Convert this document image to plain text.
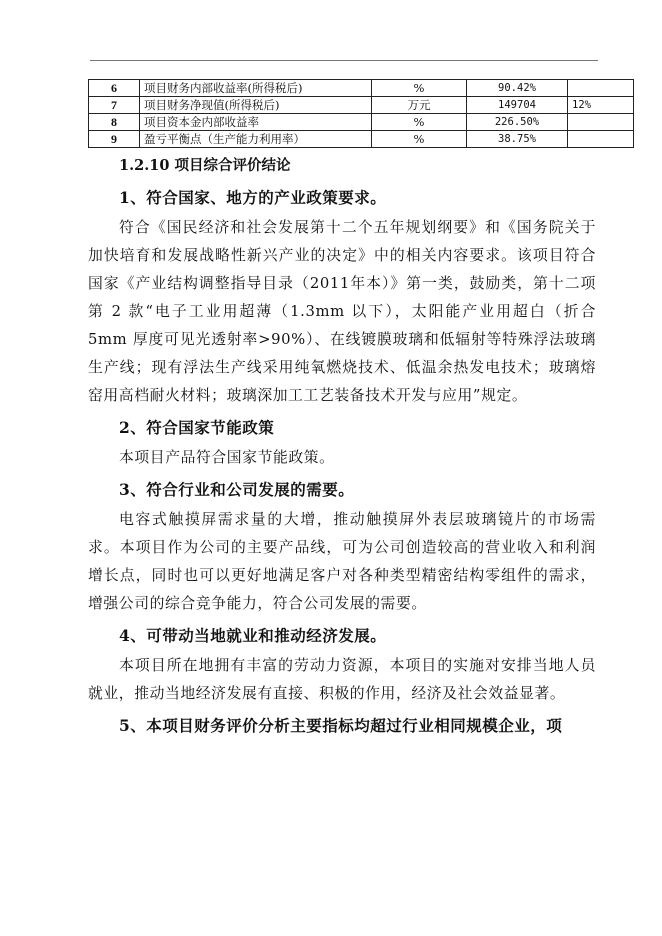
6	项目财务内部收益率(所得税后)	%	90.42%	
7	项目财务净现值(所得税后)	万元	149704	12%
8	项目资本金内部收益率	%	226.50%	
9	盈亏平衡点（生产能力利用率）	%	38.75%	
1.2.10 项目综合评价结论
1、符合国家、地方的产业政策要求。

符合《国民经济和社会发展第十二个五年规划纲要》和《国务院关于加快培育和发展战略性新兴产业的决定》中的相关内容要求。该项目符合国家《产业结构调整指导目录（2011年本）》第一类，鼓励类，第十二项第 2 款“电子工业用超薄（1.3mm 以下），太阳能产业用超白（折合 5mm 厚度可见光透射率>90%）、在线镀膜玻璃和低辐射等特殊浮法玻璃生产线；现有浮法生产线采用纯氧燃烧技术、低温余热发电技术；玻璃熔窑用高档耐火材料；玻璃深加工工艺装备技术开发与应用”规定。

2、符合国家节能政策

本项目产品符合国家节能政策。

3、符合行业和公司发展的需要。

电容式触摸屏需求量的大增，推动触摸屏外表层玻璃镜片的市场需求。本项目作为公司的主要产品线，可为公司创造较高的营业收入和利润增长点，同时也可以更好地满足客户对各种类型精密结构零组件的需求，增强公司的综合竞争能力，符合公司发展的需要。

4、可带动当地就业和推动经济发展。

本项目所在地拥有丰富的劳动力资源，本项目的实施对安排当地人员就业，推动当地经济发展有直接、积极的作用，经济及社会效益显著。

5、本项目财务评价分析主要指标均超过行业相同规模企业，项
